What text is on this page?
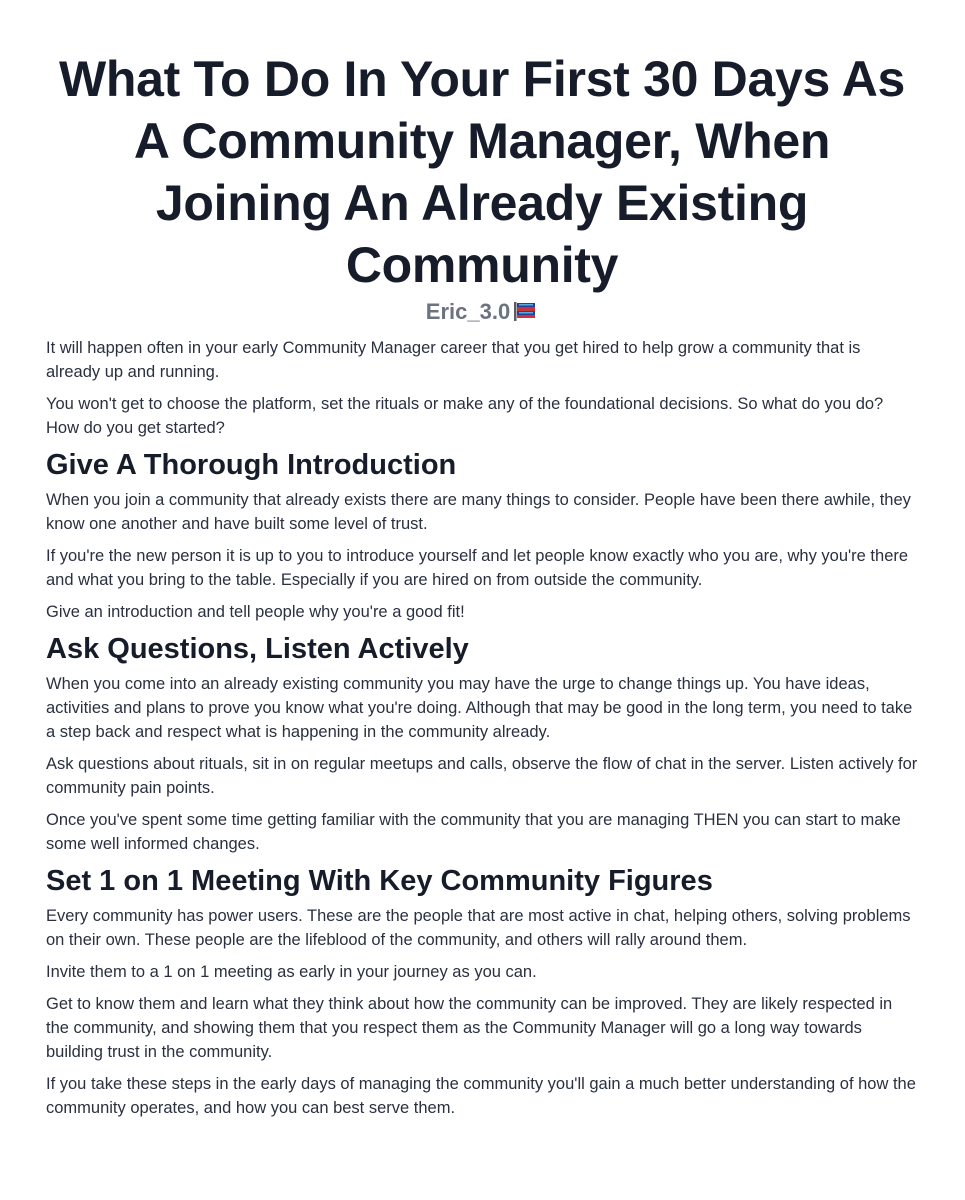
What To Do In Your First 30 Days As A Community Manager, When Joining An Already Existing Community
Eric_3.0

It will happen often in your early Community Manager career that you get hired to help grow a community that is already up and running.

You won't get to choose the platform, set the rituals or make any of the foundational decisions. So what do you do? How do you get started?

Give A Thorough Introduction

When you join a community that already exists there are many things to consider. People have been there awhile, they know one another and have built some level of trust.

If you're the new person it is up to you to introduce yourself and let people know exactly who you are, why you're there and what you bring to the table. Especially if you are hired on from outside the community.

Give an introduction and tell people why you're a good fit!

Ask Questions, Listen Actively

When you come into an already existing community you may have the urge to change things up. You have ideas, activities and plans to prove you know what you're doing. Although that may be good in the long term, you need to take a step back and respect what is happening in the community already.

Ask questions about rituals, sit in on regular meetups and calls, observe the flow of chat in the server. Listen actively for community pain points.

Once you've spent some time getting familiar with the community that you are managing THEN you can start to make some well informed changes.

Set 1 on 1 Meeting With Key Community Figures

Every community has power users. These are the people that are most active in chat, helping others, solving problems on their own. These people are the lifeblood of the community, and others will rally around them.

Invite them to a 1 on 1 meeting as early in your journey as you can.

Get to know them and learn what they think about how the community can be improved. They are likely respected in the community, and showing them that you respect them as the Community Manager will go a long way towards building trust in the community.

If you take these steps in the early days of managing the community you'll gain a much better understanding of how the community operates, and how you can best serve them.
